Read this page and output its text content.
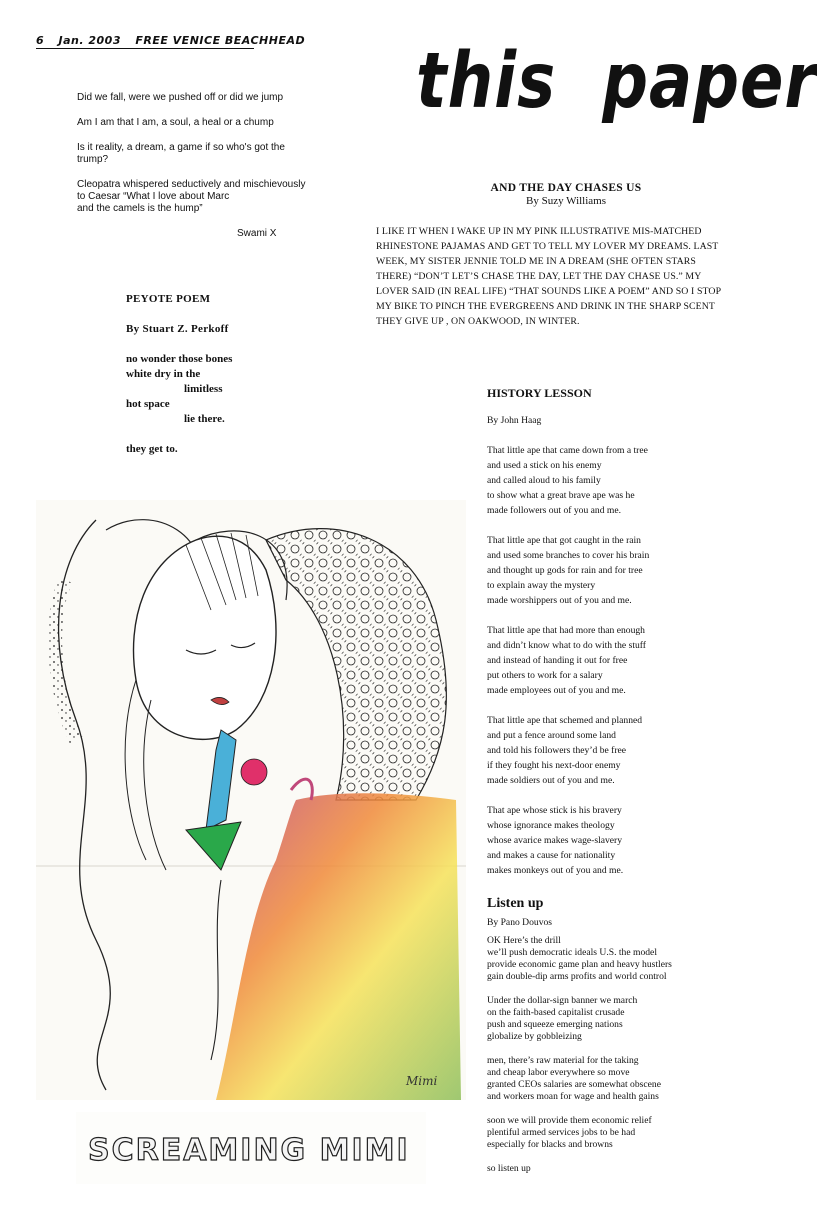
6 Jan. 2003 FREE VENICE BEACHHEAD this paper

Did we fall, were we pushed off or did we jump

Am I am that I am, a soul, a heal or a chump

Is it reality, a dream, a game if so who's got the
trump?

Cleopatra whispered seductively and mischievously
to Caesar “What I love about Marc
and the camels is the hump”

Swami X

AND THE DAY CHASES US
By Suzy Williams
I LIKE IT WHEN I WAKE UP IN MY PINK ILLUSTRATIVE MIS-MATCHED
RHINESTONE PAJAMAS AND GET TO TELL MY LOVER MY DREAMS. LAST
WEEK, MY SISTER JENNIE TOLD ME IN A DREAM (SHE OFTEN STARS
THERE) “DON’T LET’S CHASE THE DAY, LET THE DAY CHASE US.” MY
LOVER SAID (IN REAL LIFE) “THAT SOUNDS LIKE A POEM” AND SO I STOP
MY BIKE TO PINCH THE EVERGREENS AND DRINK IN THE SHARP SCENT
THEY GIVE UP , ON OAKWOOD, IN WINTER.

PEYOTE POEM

By Stuart Z. Perkoff

no wonder those bones

white dry in the

limitless

hot space

lie there.

they get to.

HISTORY LESSON

By John Haag

That little ape that came down from a tree
and used a stick on his enemy
and called aloud to his family
to show what a great brave ape was he
made followers out of you and me.
That little ape that got caught in the rain
and used some branches to cover his brain
and thought up gods for rain and for tree
to explain away the mystery
made worshippers out of you and me.
That little ape that had more than enough
and didn’t know what to do with the stuff
and instead of handing it out for free
put others to work for a salary
made employees out of you and me.
That little ape that schemed and planned
and put a fence around some land
and told his followers they’d be free
if they fought his next-door enemy
made soldiers out of you and me.
That ape whose stick is his bravery
whose ignorance makes theology
whose avarice makes wage-slavery
and makes a cause for nationality
makes monkeys out of you and me.

Listen up

By Pano Douvos

OK Here’s the drill
we’ll push democratic ideals U.S. the model
provide economic game plan and heavy hustlers
gain double-dip arms profits and world control
Under the dollar-sign banner we march
on the faith-based capitalist crusade
push and squeeze emerging nations
globalize by gobbleizing
men, there’s raw material for the taking
and cheap labor everywhere so move
granted CEOs salaries are somewhat obscene
and workers moan for wage and health gains
soon we will provide them economic relief
plentiful armed services jobs to be had
especially for blacks and browns
so listen up
Mimi
SCREAMING MIMI
